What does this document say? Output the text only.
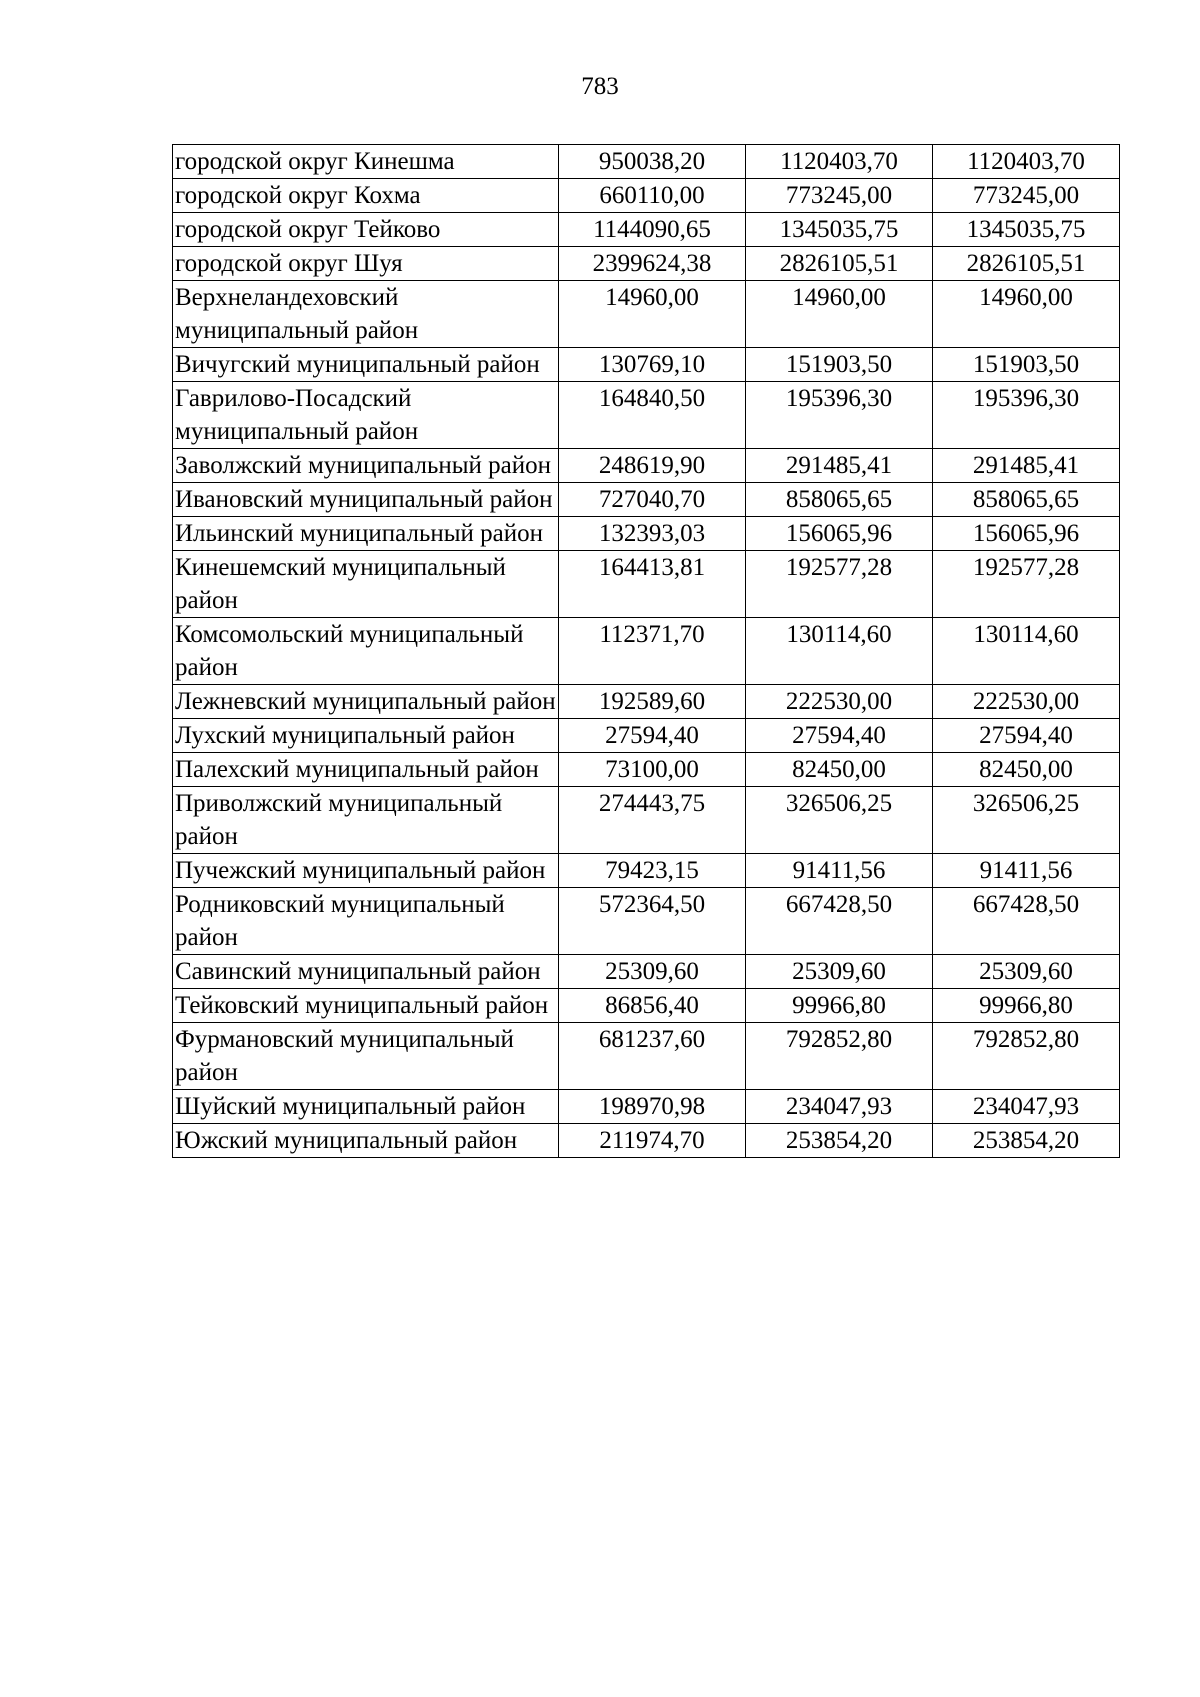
783
городской округ Кинешма	950038,20	1120403,70	1120403,70
городской округ Кохма	660110,00	773245,00	773245,00
городской округ Тейково	1144090,65	1345035,75	1345035,75
городской округ Шуя	2399624,38	2826105,51	2826105,51
Верхнеландеховский муниципальный район	14960,00	14960,00	14960,00
Вичугский муниципальный район	130769,10	151903,50	151903,50
Гаврилово-Посадский муниципальный район	164840,50	195396,30	195396,30
Заволжский муниципальный район	248619,90	291485,41	291485,41
Ивановский муниципальный район	727040,70	858065,65	858065,65
Ильинский муниципальный район	132393,03	156065,96	156065,96
Кинешемский муниципальный район	164413,81	192577,28	192577,28
Комсомольский муниципальный район	112371,70	130114,60	130114,60
Лежневский муниципальный район	192589,60	222530,00	222530,00
Лухский муниципальный район	27594,40	27594,40	27594,40
Палехский муниципальный район	73100,00	82450,00	82450,00
Приволжский муниципальный район	274443,75	326506,25	326506,25
Пучежский муниципальный район	79423,15	91411,56	91411,56
Родниковский муниципальный район	572364,50	667428,50	667428,50
Савинский муниципальный район	25309,60	25309,60	25309,60
Тейковский муниципальный район	86856,40	99966,80	99966,80
Фурмановский муниципальный район	681237,60	792852,80	792852,80
Шуйский муниципальный район	198970,98	234047,93	234047,93
Южский муниципальный район	211974,70	253854,20	253854,20
